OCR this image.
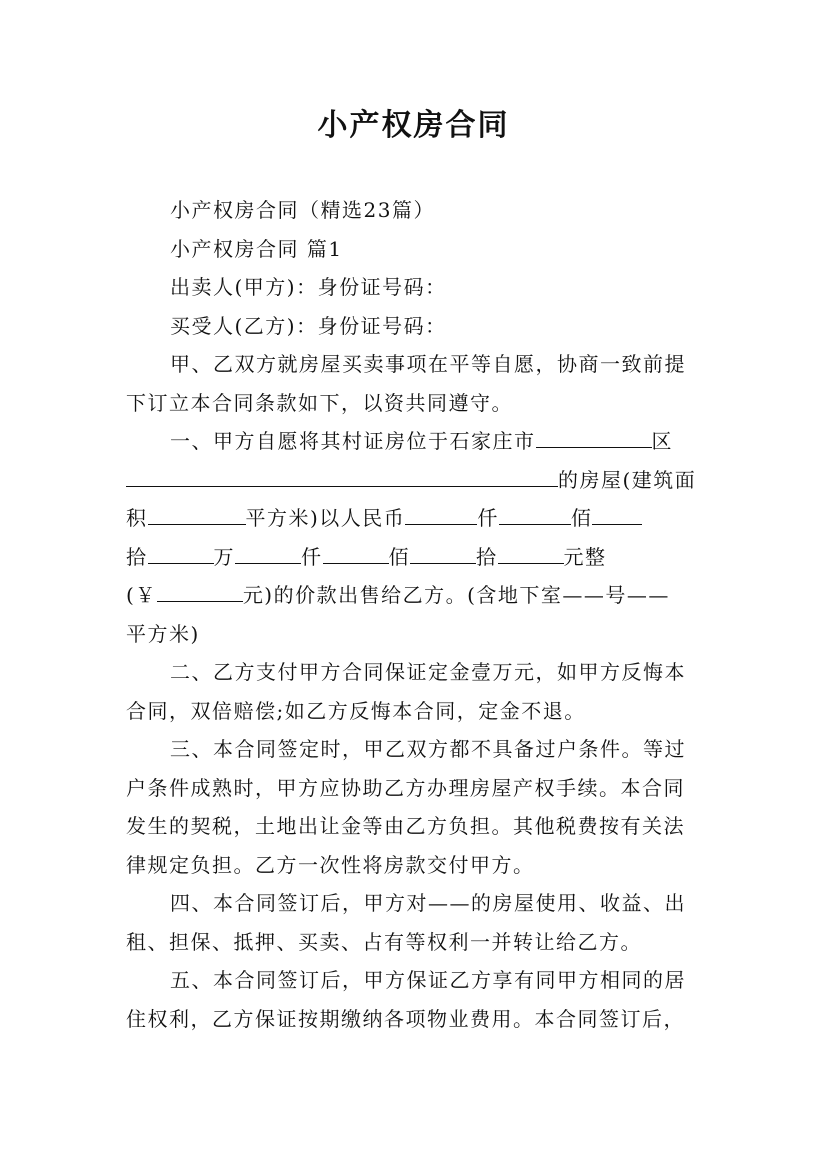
小产权房合同
小产权房合同（精选23篇）
小产权房合同 篇1
出卖人(甲方)：身份证号码：
买受人(乙方)：身份证号码：
甲、乙双方就房屋买卖事项在平等自愿，协商一致前提
下订立本合同条款如下，以资共同遵守。
一、甲方自愿将其村证房位于石家庄市	区
的房屋(建筑面
积	平方米)以人民币	仟	佰
拾	万	仟	佰	拾	元整
(￥	元)的价款出售给乙方。(含地下室——号——
平方米)
二、乙方支付甲方合同保证定金壹万元，如甲方反悔本
合同，双倍赔偿;如乙方反悔本合同，定金不退。
三、本合同签定时，甲乙双方都不具备过户条件。等过
户条件成熟时，甲方应协助乙方办理房屋产权手续。本合同
发生的契税，土地出让金等由乙方负担。其他税费按有关法
律规定负担。乙方一次性将房款交付甲方。
四、本合同签订后，甲方对——的房屋使用、收益、出
租、担保、抵押、买卖、占有等权利一并转让给乙方。
五、本合同签订后，甲方保证乙方享有同甲方相同的居
住权利，乙方保证按期缴纳各项物业费用。本合同签订后，
